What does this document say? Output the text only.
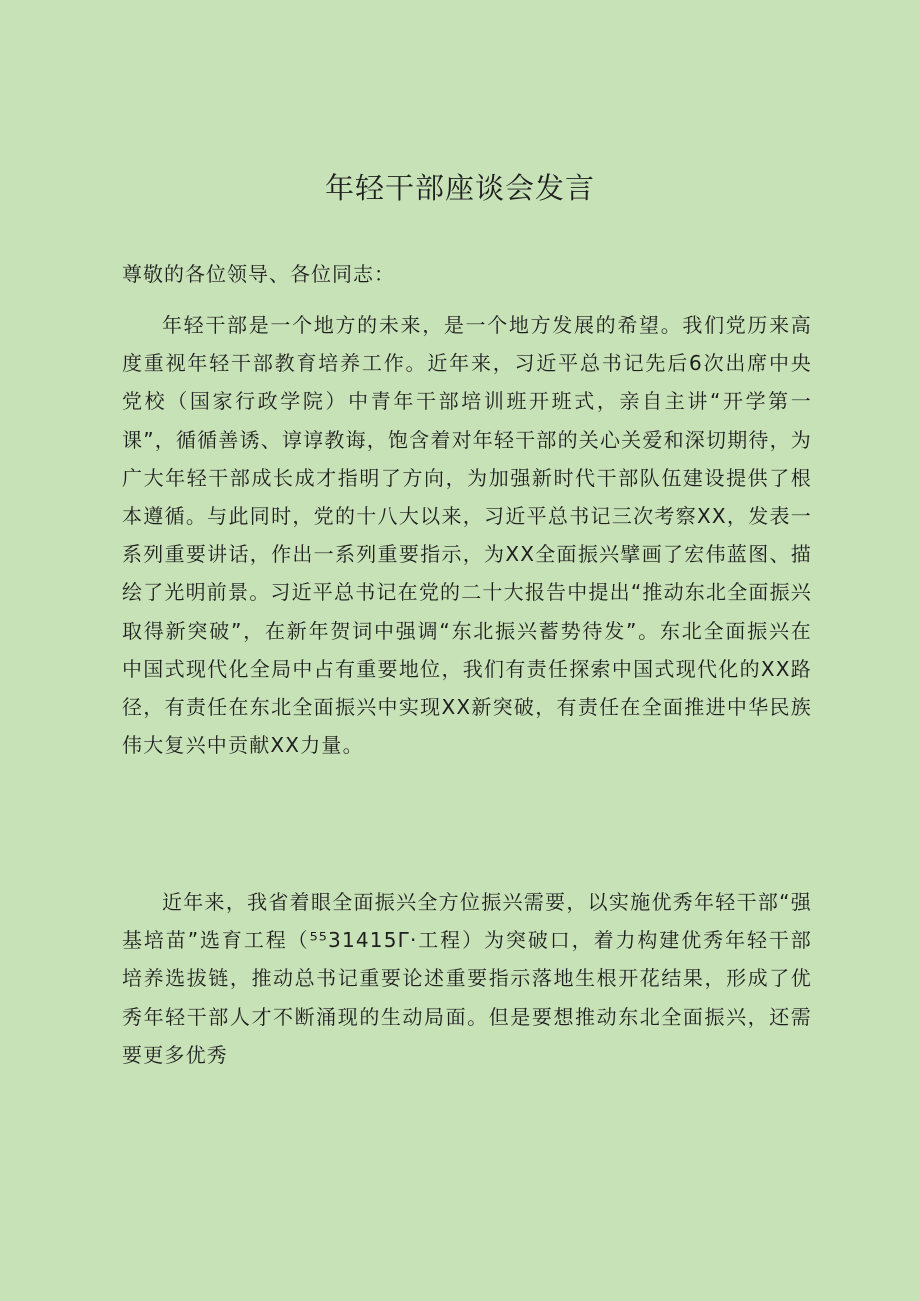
年轻干部座谈会发言

尊敬的各位领导、各位同志：

年轻干部是一个地方的未来，是一个地方发展的希望。我们党历来高度重视年轻干部教育培养工作。近年来，习近平总书记先后6次出席中央党校（国家行政学院）中青年干部培训班开班式，亲自主讲“开学第一课”，循循善诱、谆谆教诲，饱含着对年轻干部的关心关爱和深切期待，为广大年轻干部成长成才指明了方向，为加强新时代干部队伍建设提供了根本遵循。与此同时，党的十八大以来，习近平总书记三次考察XX，发表一系列重要讲话，作出一系列重要指示，为XX全面振兴擘画了宏伟蓝图、描绘了光明前景。习近平总书记在党的二十大报告中提出“推动东北全面振兴取得新突破”，在新年贺词中强调“东北振兴蓄势待发”。东北全面振兴在中国式现代化全局中占有重要地位，我们有责任探索中国式现代化的XX路径，有责任在东北全面振兴中实现XX新突破，有责任在全面推进中华民族伟大复兴中贡献XX力量。

近年来，我省着眼全面振兴全方位振兴需要，以实施优秀年轻干部“强基培苗”选育工程（⁵⁵31415Γ·工程）为突破口，着力构建优秀年轻干部培养选拔链，推动总书记重要论述重要指示落地生根开花结果，形成了优秀年轻干部人才不断涌现的生动局面。但是要想推动东北全面振兴，还需要更多优秀
